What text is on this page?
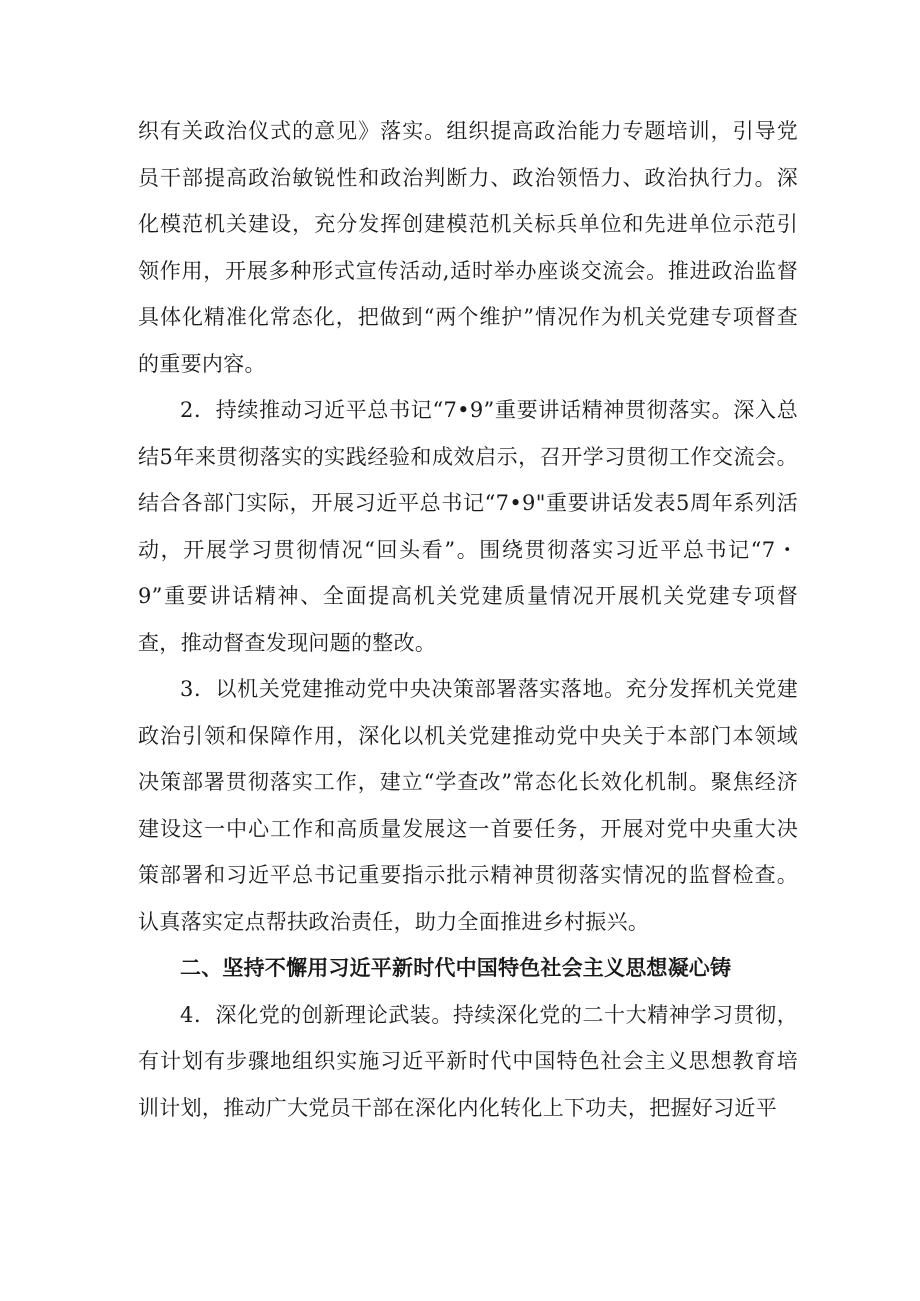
织有关政治仪式的意见》落实。组织提高政治能力专题培训，引导党员干部提高政治敏锐性和政治判断力、政治领悟力、政治执行力。深化模范机关建设，充分发挥创建模范机关标兵单位和先进单位示范引领作用，开展多种形式宣传活动,适时举办座谈交流会。推进政治监督具体化精准化常态化，把做到“两个维护”情况作为机关党建专项督查的重要内容。

2．持续推动习近平总书记“7•9”重要讲话精神贯彻落实。深入总结5年来贯彻落实的实践经验和成效启示，召开学习贯彻工作交流会。结合各部门实际，开展习近平总书记“7•9"重要讲话发表5周年系列活动，开展学习贯彻情况“回头看”。围绕贯彻落实习近平总书记“7・9”重要讲话精神、全面提高机关党建质量情况开展机关党建专项督查，推动督查发现问题的整改。

3．以机关党建推动党中央决策部署落实落地。充分发挥机关党建政治引领和保障作用，深化以机关党建推动党中央关于本部门本领域决策部署贯彻落实工作，建立“学查改”常态化长效化机制。聚焦经济建设这一中心工作和高质量发展这一首要任务，开展对党中央重大决策部署和习近平总书记重要指示批示精神贯彻落实情况的监督检查。认真落实定点帮扶政治责任，助力全面推进乡村振兴。

二、坚持不懈用习近平新时代中国特色社会主义思想凝心铸

4．深化党的创新理论武装。持续深化党的二十大精神学习贯彻，有计划有步骤地组织实施习近平新时代中国特色社会主义思想教育培训计划，推动广大党员干部在深化内化转化上下功夫，把握好习近平
